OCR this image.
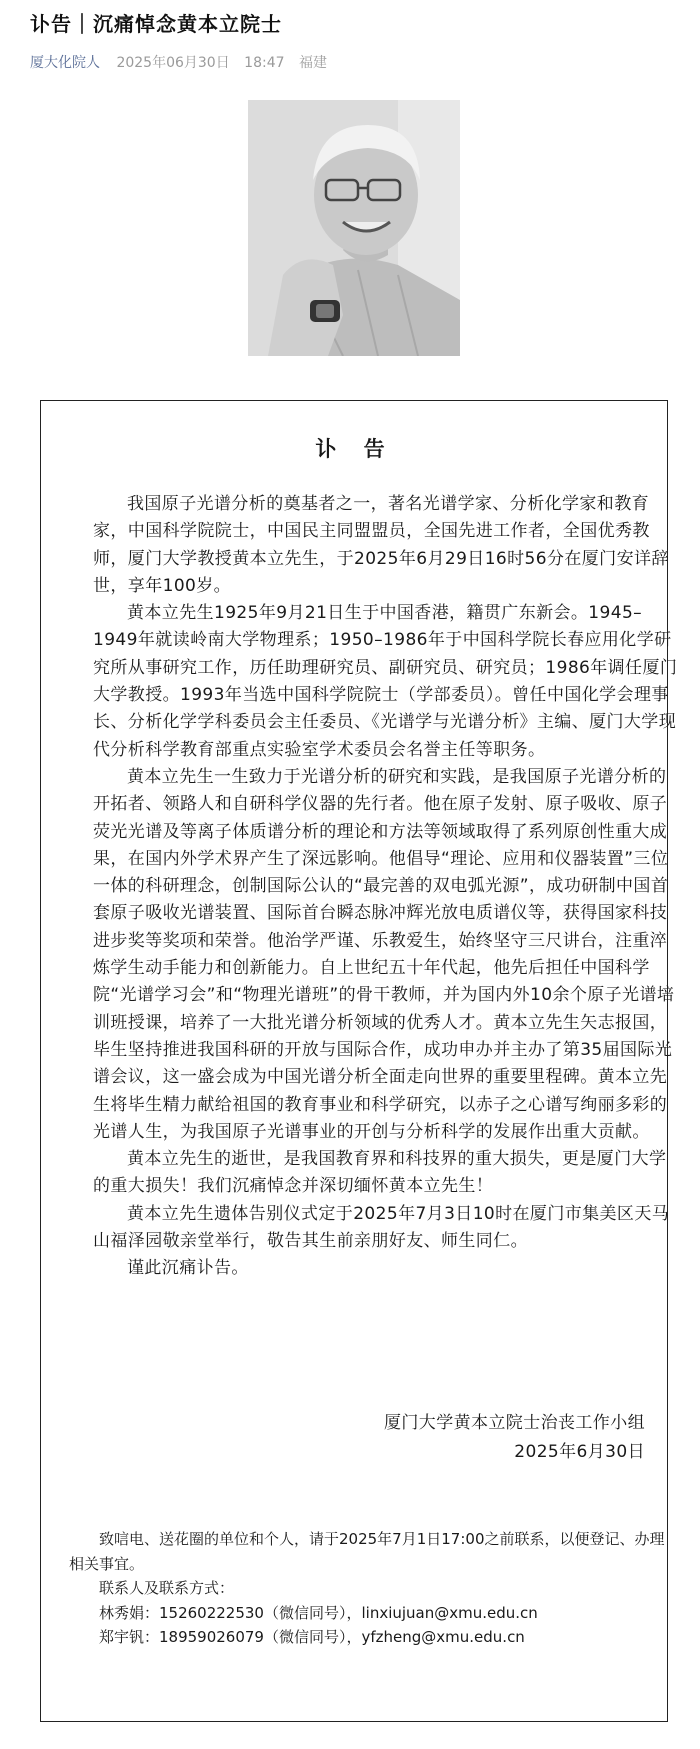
讣告｜沉痛悼念黄本立院士
厦大化院人 2025年06月30日 18:47 福建
讣 告

我国原子光谱分析的奠基者之一，著名光谱学家、分析化学家和教育家，中国科学院院士，中国民主同盟盟员，全国先进工作者，全国优秀教师，厦门大学教授黄本立先生，于2025年6月29日16时56分在厦门安详辞世，享年100岁。

黄本立先生1925年9月21日生于中国香港，籍贯广东新会。1945–1949年就读岭南大学物理系；1950–1986年于中国科学院长春应用化学研究所从事研究工作，历任助理研究员、副研究员、研究员；1986年调任厦门大学教授。1993年当选中国科学院院士（学部委员）。曾任中国化学会理事长、分析化学学科委员会主任委员、《光谱学与光谱分析》主编、厦门大学现代分析科学教育部重点实验室学术委员会名誉主任等职务。

黄本立先生一生致力于光谱分析的研究和实践，是我国原子光谱分析的开拓者、领路人和自研科学仪器的先行者。他在原子发射、原子吸收、原子荧光光谱及等离子体质谱分析的理论和方法等领域取得了系列原创性重大成果，在国内外学术界产生了深远影响。他倡导“理论、应用和仪器装置”三位一体的科研理念，创制国际公认的“最完善的双电弧光源”，成功研制中国首套原子吸收光谱装置、国际首台瞬态脉冲辉光放电质谱仪等，获得国家科技进步奖等奖项和荣誉。他治学严谨、乐教爱生，始终坚守三尺讲台，注重淬炼学生动手能力和创新能力。自上世纪五十年代起，他先后担任中国科学院“光谱学习会”和“物理光谱班”的骨干教师，并为国内外10余个原子光谱培训班授课，培养了一大批光谱分析领域的优秀人才。黄本立先生矢志报国，毕生坚持推进我国科研的开放与国际合作，成功申办并主办了第35届国际光谱会议，这一盛会成为中国光谱分析全面走向世界的重要里程碑。黄本立先生将毕生精力献给祖国的教育事业和科学研究，以赤子之心谱写绚丽多彩的光谱人生，为我国原子光谱事业的开创与分析科学的发展作出重大贡献。

黄本立先生的逝世，是我国教育界和科技界的重大损失，更是厦门大学的重大损失！我们沉痛悼念并深切缅怀黄本立先生！

黄本立先生遗体告别仪式定于2025年7月3日10时在厦门市集美区天马山福泽园敬亲堂举行，敬告其生前亲朋好友、师生同仁。

谨此沉痛讣告。

厦门大学黄本立院士治丧工作小组
2025年6月30日

致唁电、送花圈的单位和个人，请于2025年7月1日17:00之前联系，以便登记、办理相关事宜。

联系人及联系方式：

林秀娟：15260222530（微信同号），linxiujuan@xmu.edu.cn

郑宇钒：18959026079（微信同号），yfzheng@xmu.edu.cn
